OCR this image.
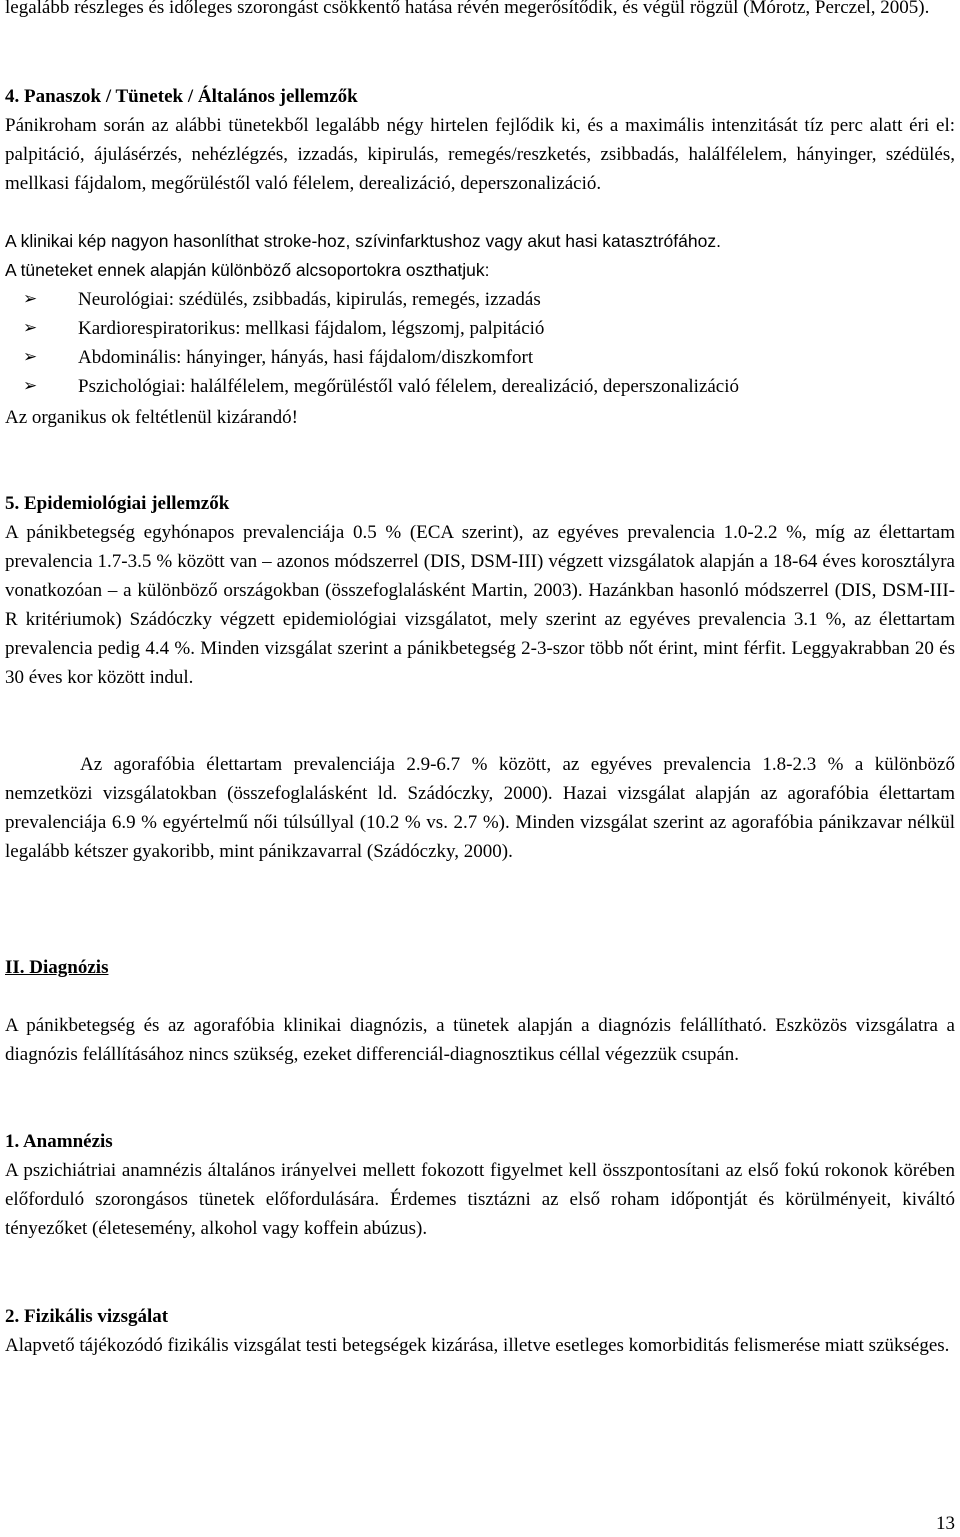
legalább részleges és időleges szorongást csökkentő hatása révén megerősítődik, és végül rögzül (Mórotz, Perczel, 2005).
4. Panaszok / Tünetek / Általános jellemzők
Pánikroham során az alábbi tünetekből legalább négy hirtelen fejlődik ki, és a maximális intenzitását tíz perc alatt éri el: palpitáció, ájulásérzés, nehézlégzés, izzadás, kipirulás, remegés/reszketés, zsibbadás, halálfélelem, hányinger, szédülés, mellkasi fájdalom, megőrüléstől való félelem, derealizáció, deperszonalizáció.
A klinikai kép nagyon hasonlíthat stroke-hoz, szívinfarktushoz vagy akut hasi katasztrófához.
A tüneteket ennek alapján különböző alcsoportokra oszthatjuk:
➢ Neurológiai: szédülés, zsibbadás, kipirulás, remegés, izzadás
➢ Kardiorespiratorikus: mellkasi fájdalom, légszomj, palpitáció
➢ Abdominális: hányinger, hányás, hasi fájdalom/diszkomfort
➢ Pszichológiai: halálfélelem, megőrüléstől való félelem, derealizáció, deperszonalizáció
Az organikus ok feltétlenül kizárandó!
5. Epidemiológiai jellemzők
A pánikbetegség egyhónapos prevalenciája 0.5 % (ECA szerint), az egyéves prevalencia 1.0-2.2 %, míg az élettartam prevalencia 1.7-3.5 % között van – azonos módszerrel (DIS, DSM-III) végzett vizsgálatok alapján a 18-64 éves korosztályra vonatkozóan – a különböző országokban (összefoglalásként Martin, 2003). Hazánkban hasonló módszerrel (DIS, DSM-III-R kritériumok) Szádóczky végzett epidemiológiai vizsgálatot, mely szerint az egyéves prevalencia 3.1 %, az élettartam prevalencia pedig 4.4 %. Minden vizsgálat szerint a pánikbetegség 2-3-szor több nőt érint, mint férfit. Leggyakrabban 20 és 30 éves kor között indul.
Az agorafóbia élettartam prevalenciája 2.9-6.7 % között, az egyéves prevalencia 1.8-2.3 % a különböző nemzetközi vizsgálatokban (összefoglalásként ld. Szádóczky, 2000). Hazai vizsgálat alapján az agorafóbia élettartam prevalenciája 6.9 % egyértelmű női túlsúllyal (10.2 % vs. 2.7 %). Minden vizsgálat szerint az agorafóbia pánikzavar nélkül legalább kétszer gyakoribb, mint pánikzavarral (Szádóczky, 2000).
II. Diagnózis
A pánikbetegség és az agorafóbia klinikai diagnózis, a tünetek alapján a diagnózis felállítható. Eszközös vizsgálatra a diagnózis felállításához nincs szükség, ezeket differenciál-diagnosztikus céllal végezzük csupán.
1. Anamnézis
A pszichiátriai anamnézis általános irányelvei mellett fokozott figyelmet kell összpontosítani az első fokú rokonok körében előforduló szorongásos tünetek előfordulására. Érdemes tisztázni az első roham időpontját és körülményeit, kiváltó tényezőket (életesemény, alkohol vagy koffein abúzus).
2. Fizikális vizsgálat
Alapvető tájékozódó fizikális vizsgálat testi betegségek kizárása, illetve esetleges komorbiditás felismerése miatt szükséges.
13
